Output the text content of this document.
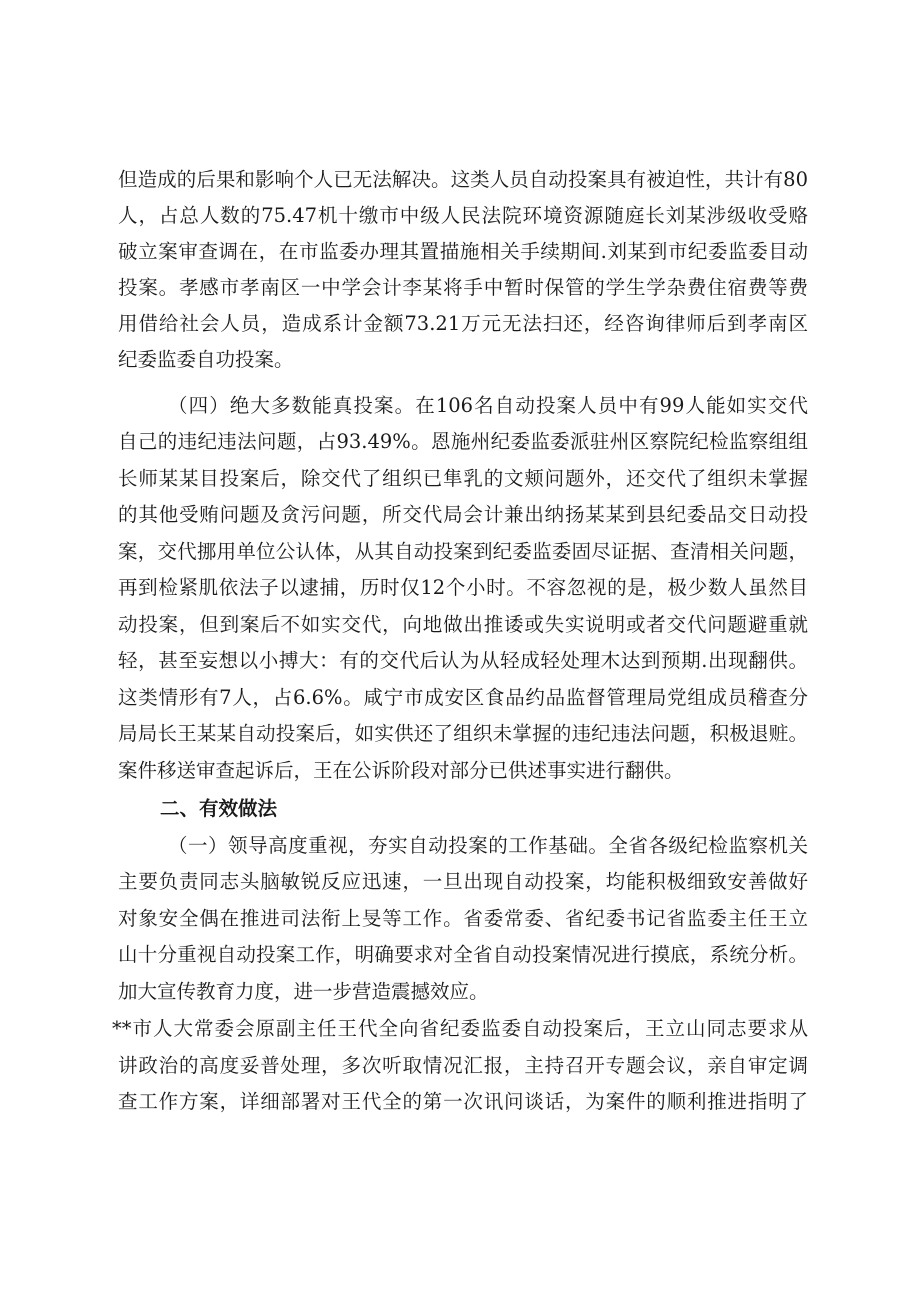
但造成的后果和影响个人已无法解决。这类人员自动投案具有被迫性，共计有80
人，占总人数的75.47机十缴市中级人民法院环境资源随庭长刘某涉级收受赂
破立案审查调在，在市监委办理其置描施相关手续期间.刘某到市纪委监委目动
投案。孝感市孝南区一中学会计李某将手中暂时保管的学生学杂费住宿费等费
用借给社会人员，造成系计金额73.21万元无法扫还，经咨询律师后到孝南区
纪委监委自功投案。
（四）绝大多数能真投案。在106名自动投案人员中有99人能如实交代
自己的违纪违法问题，占93.49%。恩施州纪委监委派驻州区察院纪检监察组组
长师某某目投案后，除交代了组织已隼乳的文颊问题外，还交代了组织未掌握
的其他受贿问题及贪污问题，所交代局会计兼出纳扬某某到县纪委品交日动投
案，交代挪用单位公认体，从其自动投案到纪委监委固尽证据、查清相关问题，
再到检紧肌依法子以逮捕，历时仅12个小时。不容忽视的是，极少数人虽然目
动投案，但到案后不如实交代，向地做出推诿或失实说明或者交代问题避重就
轻，甚至妄想以小搏大：有的交代后认为从轻成轻处理木达到预期.出现翻供。
这类情形有7人，占6.6%。咸宁市成安区食品约品监督管理局党组成员稽查分
局局长王某某自动投案后，如实供还了组织未掌握的违纪违法问题，积极退赃。
案件移送审查起诉后，王在公诉阶段对部分已供述事实进行翻供。
二、有效做法
（一）领导高度重视，夯实自动投案的工作基础。全省各级纪检监察机关
主要负责同志头脑敏锐反应迅速，一旦出现自动投案，均能积极细致安善做好
对象安全偶在推进司法衔上旻等工作。省委常委、省纪委书记省监委主任王立
山十分重视自动投案工作，明确要求对全省自动投案情况进行摸底，系统分析。
加大宣传教育力度，进一步营造震撼效应。
**市人大常委会原副主任王代全向省纪委监委自动投案后，王立山同志要求从
讲政治的高度妥普处理，多次听取情况汇报，主持召开专题会议，亲自审定调
查工作方案，详细部署对王代全的第一次讯问谈话，为案件的顺利推进指明了
